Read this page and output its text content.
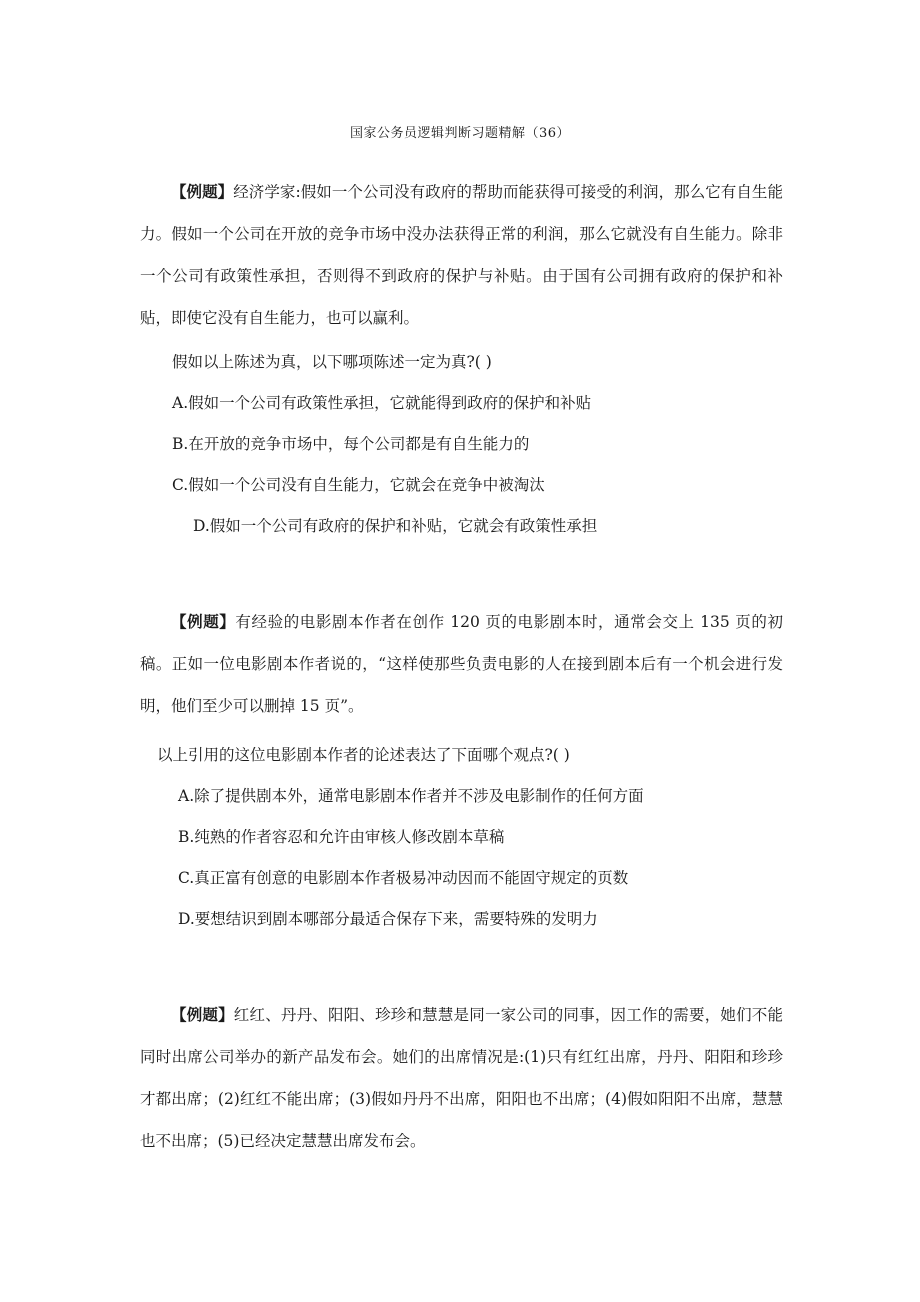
国家公务员逻辑判断习题精解（36）

【例题】经济学家:假如一个公司没有政府的帮助而能获得可接受的利润，那么它有自生能力。假如一个公司在开放的竞争市场中没办法获得正常的利润，那么它就没有自生能力。除非一个公司有政策性承担，否则得不到政府的保护与补贴。由于国有公司拥有政府的保护和补贴，即使它没有自生能力，也可以赢利。

假如以上陈述为真，以下哪项陈述一定为真?( )

A.假如一个公司有政策性承担，它就能得到政府的保护和补贴

B.在开放的竞争市场中，每个公司都是有自生能力的

C.假如一个公司没有自生能力，它就会在竞争中被淘汰

D.假如一个公司有政府的保护和补贴，它就会有政策性承担

【例题】有经验的电影剧本作者在创作 120 页的电影剧本时，通常会交上 135 页的初稿。正如一位电影剧本作者说的，“这样使那些负责电影的人在接到剧本后有一个机会进行发明，他们至少可以删掉 15 页”。

以上引用的这位电影剧本作者的论述表达了下面哪个观点?( )

A.除了提供剧本外，通常电影剧本作者并不涉及电影制作的任何方面

B.纯熟的作者容忍和允许由审核人修改剧本草稿

C.真正富有创意的电影剧本作者极易冲动因而不能固守规定的页数

D.要想结识到剧本哪部分最适合保存下来，需要特殊的发明力

【例题】红红、丹丹、阳阳、珍珍和慧慧是同一家公司的同事，因工作的需要，她们不能同时出席公司举办的新产品发布会。她们的出席情况是:(1)只有红红出席，丹丹、阳阳和珍珍才都出席；(2)红红不能出席；(3)假如丹丹不出席，阳阳也不出席；(4)假如阳阳不出席，慧慧也不出席；(5)已经决定慧慧出席发布会。
